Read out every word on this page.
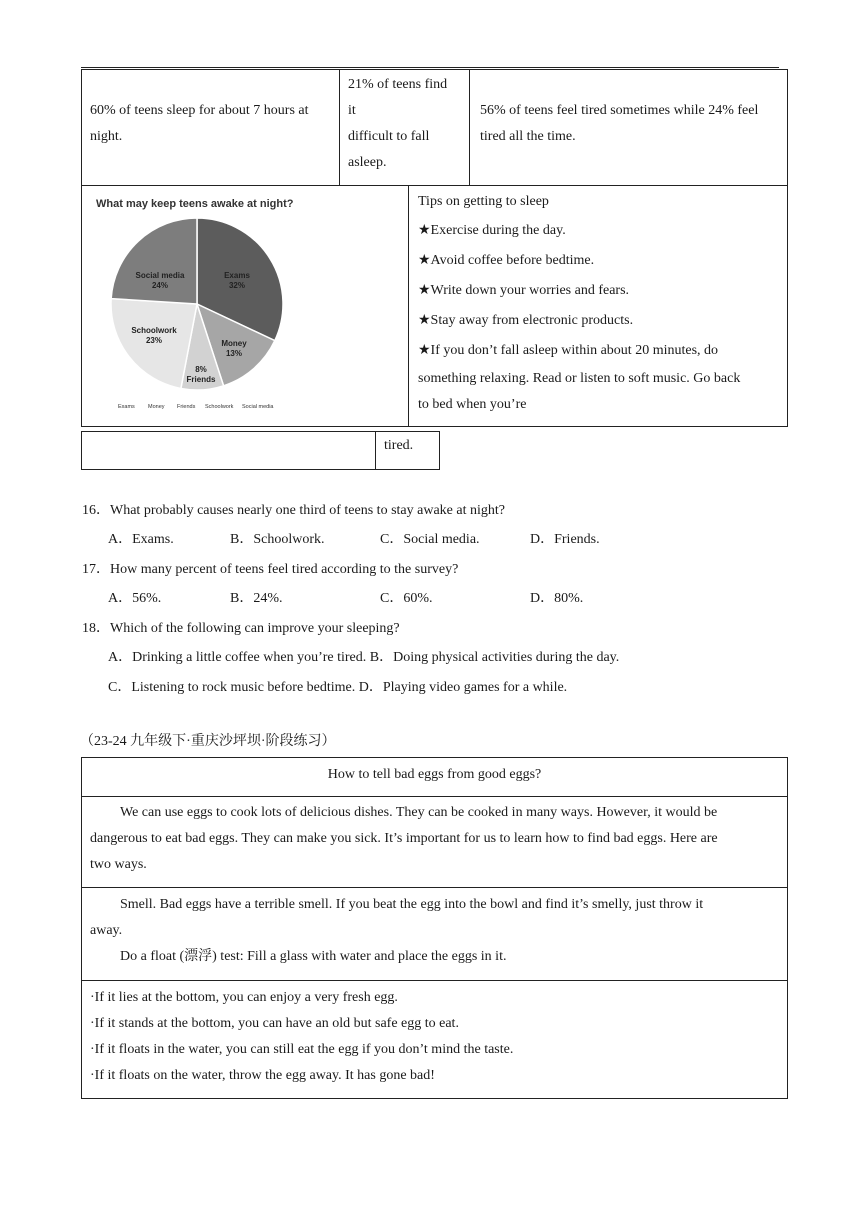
60% of teens sleep for about 7 hours at night.
21% of teens find
it
difficult to fall
asleep.
56% of teens feel tired sometimes while 24% feel tired all the time.
What may keep teens awake at night?
Social media
24%
Exams
32%
Schoolwork
23%	Money
13%
8%
Friends
Exams Money Friends Schoolwork Social media
Tips on getting to sleep
★Exercise during the day.
★Avoid coffee before bedtime.
★Write down your worries and fears.
★Stay away from electronic products.
★If you don’t fall asleep within about 20 minutes, do
something relaxing. Read or listen to soft music. Go back
to bed when you’re
tired.
16．What probably causes nearly one third of teens to stay awake at night?
A．Exams.	B．Schoolwork.	C．Social media.	D．Friends.
17．How many percent of teens feel tired according to the survey?
A．56%.	B．24%.	C．60%.	D．80%.
18．Which of the following can improve your sleeping?
A．Drinking a little coffee when you’re tired. B．Doing physical activities during the day.
C．Listening to rock music before bedtime. D．Playing video games for a while.
（23-24 九年级下·重庆沙坪坝·阶段练习）
How to tell bad eggs from good eggs?
We can use eggs to cook lots of delicious dishes. They can be cooked in many ways. However, it would be
dangerous to eat bad eggs. They can make you sick. It’s important for us to learn how to find bad eggs. Here are
two ways.
Smell. Bad eggs have a terrible smell. If you beat the egg into the bowl and find it’s smelly, just throw it
away.
Do a float (漂浮) test: Fill a glass with water and place the eggs in it.
·If it lies at the bottom, you can enjoy a very fresh egg.
·If it stands at the bottom, you can have an old but safe egg to eat.
·If it floats in the water, you can still eat the egg if you don’t mind the taste.
·If it floats on the water, throw the egg away. It has gone bad!
